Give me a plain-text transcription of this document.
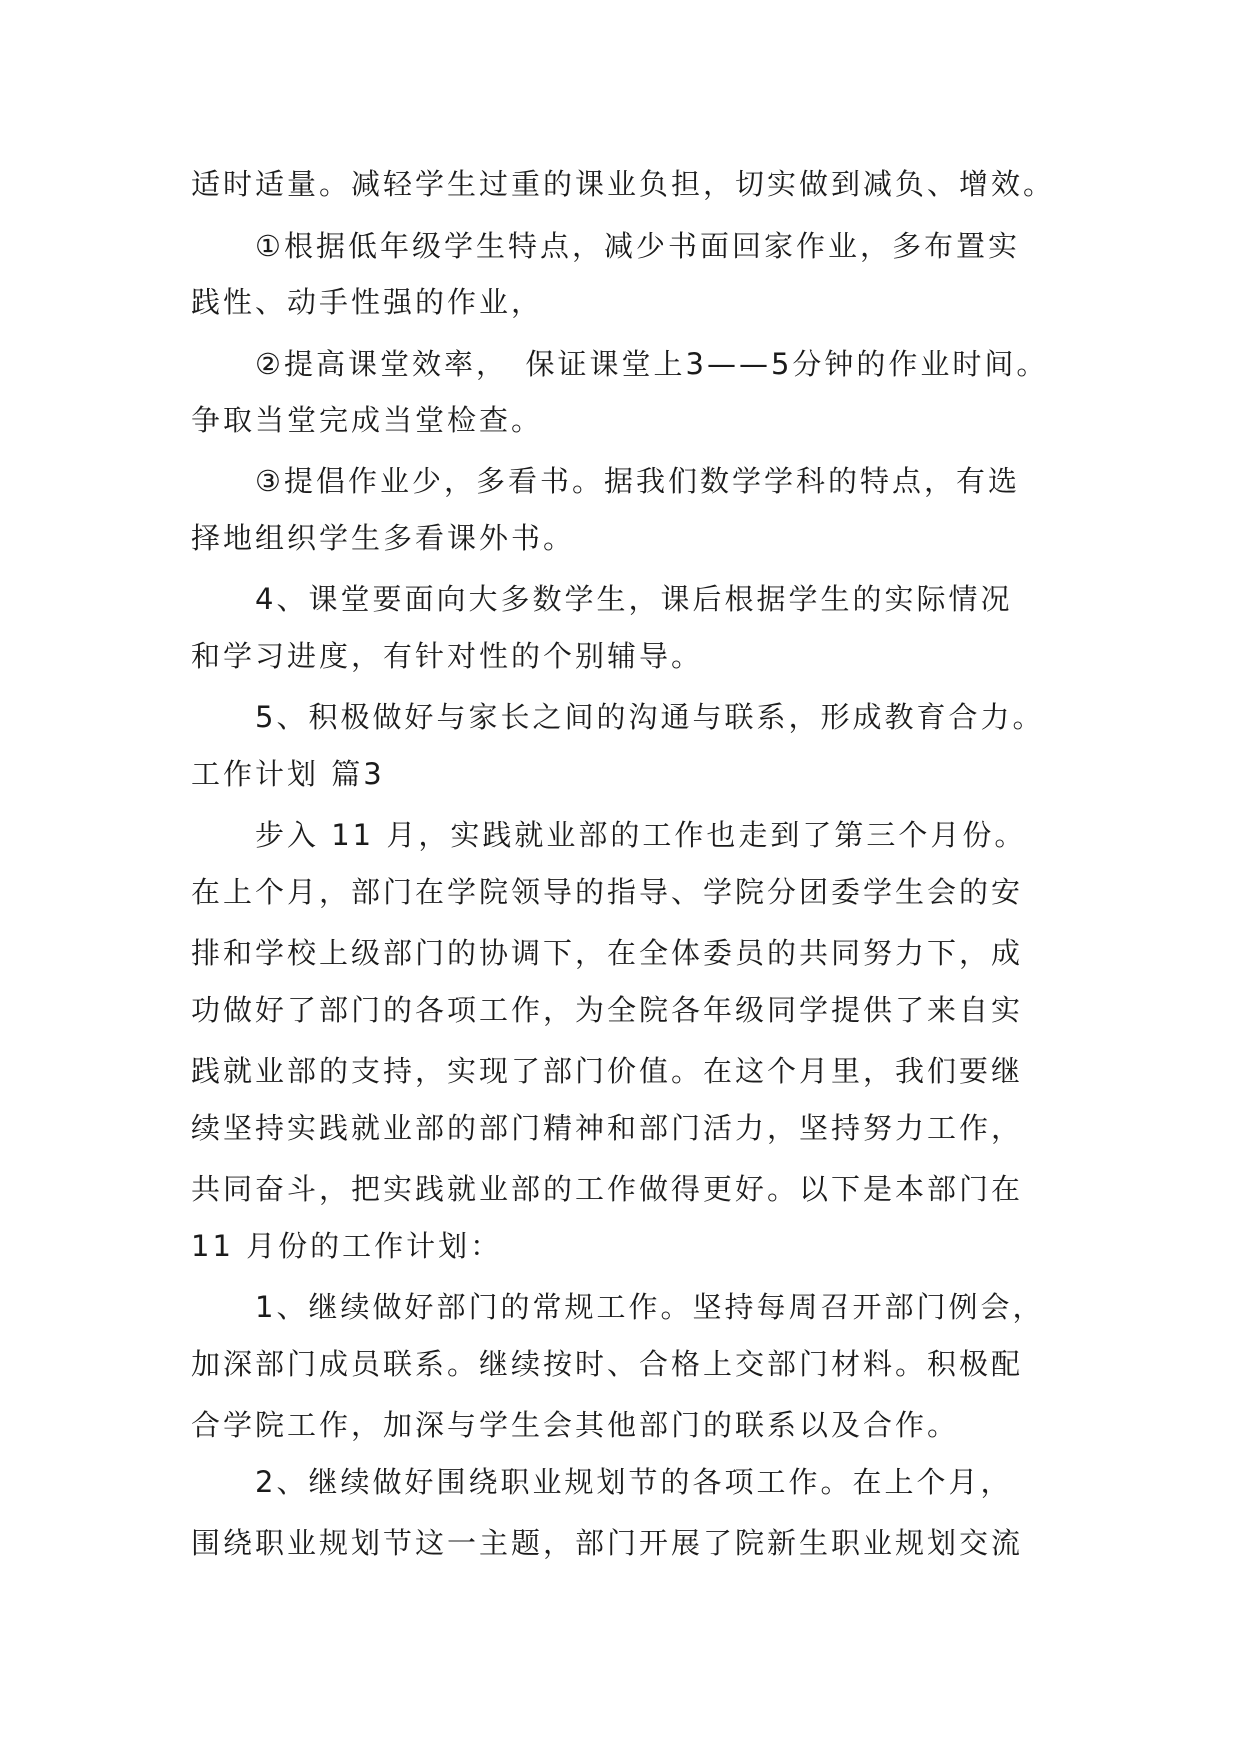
适时适量。减轻学生过重的课业负担，切实做到减负、增效。
①根据低年级学生特点，减少书面回家作业，多布置实
践性、动手性强的作业，
②提高课堂效率，　保证课堂上3——5分钟的作业时间。
争取当堂完成当堂检查。
③提倡作业少，多看书。据我们数学学科的特点，有选
择地组织学生多看课外书。
4、课堂要面向大多数学生，课后根据学生的实际情况
和学习进度，有针对性的个别辅导。
5、积极做好与家长之间的沟通与联系，形成教育合力。
工作计划 篇3
步入 11 月，实践就业部的工作也走到了第三个月份。
在上个月，部门在学院领导的指导、学院分团委学生会的安
排和学校上级部门的协调下，在全体委员的共同努力下，成
功做好了部门的各项工作，为全院各年级同学提供了来自实
践就业部的支持，实现了部门价值。在这个月里，我们要继
续坚持实践就业部的部门精神和部门活力，坚持努力工作，
共同奋斗，把实践就业部的工作做得更好。以下是本部门在
11 月份的工作计划：
1、继续做好部门的常规工作。坚持每周召开部门例会，
加深部门成员联系。继续按时、合格上交部门材料。积极配
合学院工作，加深与学生会其他部门的联系以及合作。
2、继续做好围绕职业规划节的各项工作。在上个月，
围绕职业规划节这一主题，部门开展了院新生职业规划交流
